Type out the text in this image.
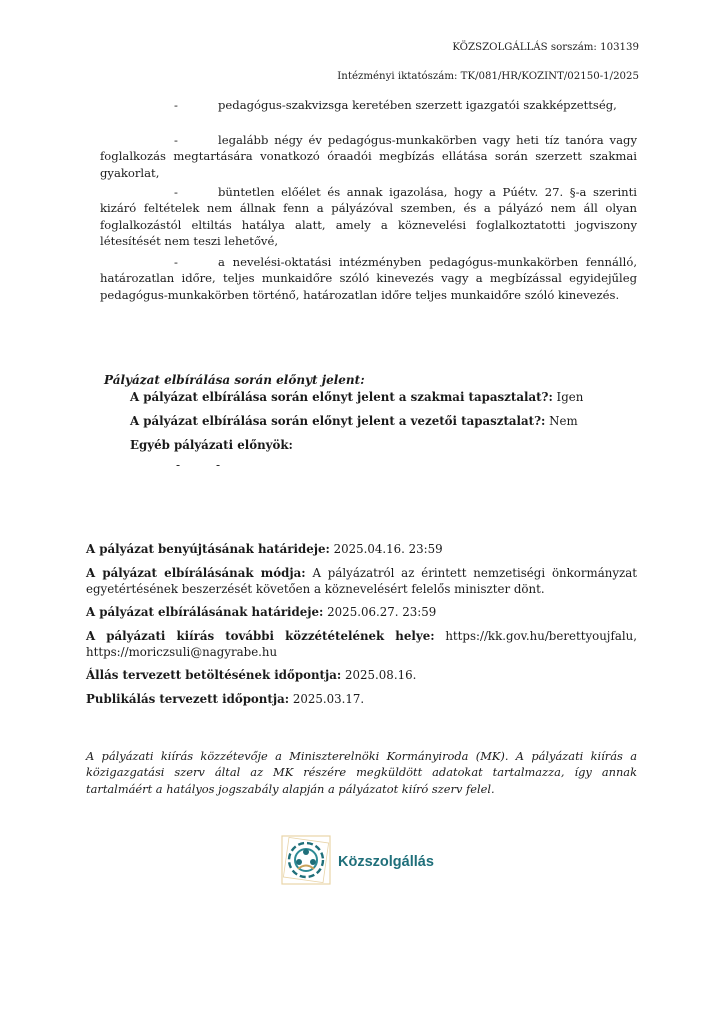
KÖZSZOLGÁLLÁS sorszám: 103139
Intézményi iktatószám: TK/081/HR/KOZINT/02150-1/2025
-	pedagógus-szakvizsga keretében szerzett igazgatói szakképzettség,
-	legalább négy év pedagógus-munkakörben vagy heti tíz tanóra vagy foglalkozás megtartására vonatkozó óraadói megbízás ellátása során szerzett szakmai gyakorlat,
-	büntetlen előélet és annak igazolása, hogy a Púétv. 27. §-a szerinti kizáró feltételek nem állnak fenn a pályázóval szemben, és a pályázó nem áll olyan foglalkozástól eltiltás hatálya alatt, amely a köznevelési foglalkoztatotti jogviszony létesítését nem teszi lehetővé,
-	a nevelési-oktatási intézményben pedagógus-munkakörben fennálló, határozatlan időre, teljes munkaidőre szóló kinevezés vagy a megbízással egyidejűleg pedagógus-munkakörben történő, határozatlan időre teljes munkaidőre szóló kinevezés.
Pályázat elbírálása során előnyt jelent:
A pályázat elbírálása során előnyt jelent a szakmai tapasztalat?: Igen
A pályázat elbírálása során előnyt jelent a vezetői tapasztalat?: Nem
Egyéb pályázati előnyök:
-	-
A pályázat benyújtásának határideje: 2025.04.16. 23:59
A pályázat elbírálásának módja: A pályázatról az érintett nemzetiségi önkormányzat egyetértésének beszerzését követően a köznevelésért felelős miniszter dönt.
A pályázat elbírálásának határideje: 2025.06.27. 23:59
A pályázati kiírás további közzétételének helye: https://kk.gov.hu/berettyoujfalu, https://moriczsuli@nagyrabe.hu
Állás tervezett betöltésének időpontja: 2025.08.16.
Publikálás tervezett időpontja: 2025.03.17.
A pályázati kiírás közzétevője a Miniszterelnöki Kormányiroda (MK). A pályázati kiírás a közigazgatási szerv által az MK részére megküldött adatokat tartalmazza, így annak tartalmáért a hatályos jogszabály alapján a pályázatot kiíró szerv felel.
Közszolgállás
